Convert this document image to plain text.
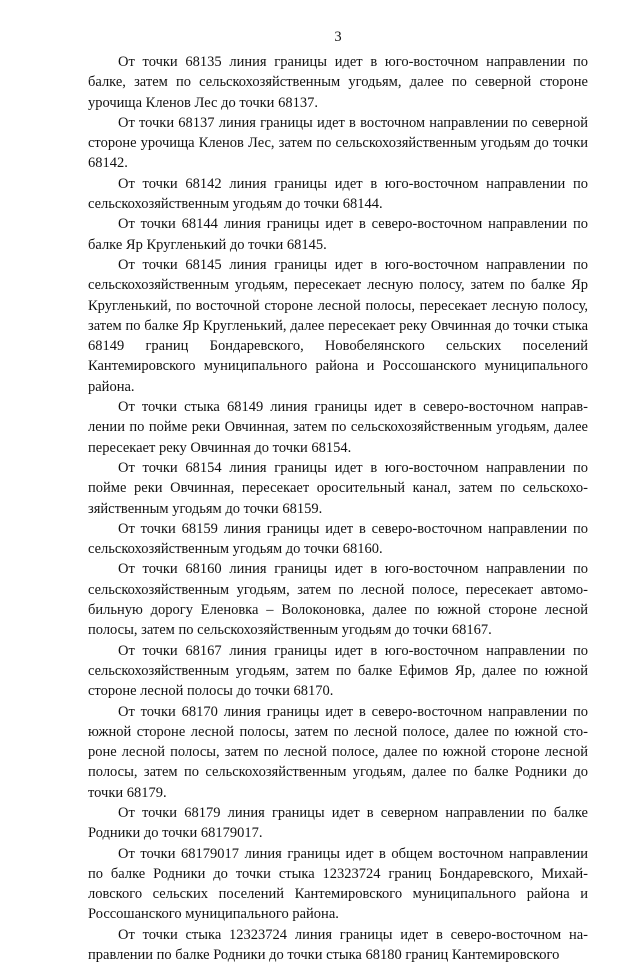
3

От точки 68135 линия границы идет в юго-восточном направлении по балке, затем по сельскохозяйственным угодьям, далее по северной стороне урочища Кленов Лес до точки 68137.

От точки 68137 линия границы идет в восточном направлении по северной стороне урочища Кленов Лес, затем по сельскохозяйственным угодьям до точки 68142.

От точки 68142 линия границы идет в юго-восточном направлении по сельскохозяйственным угодьям до точки 68144.

От точки 68144 линия границы идет в северо-восточном направлении по балке Яр Кругленький до точки 68145.

От точки 68145 линия границы идет в юго-восточном направлении по сельскохозяйственным угодьям, пересекает лесную полосу, затем по балке Яр Кругленький, по восточной стороне лесной полосы, пересекает лесную полосу, затем по балке Яр Кругленький, далее пересекает реку Овчинная до точки стыка 68149 границ Бондаревского, Новобелянского сельских поселений Кантемировского муниципального района и Россошанского муниципального района.

От точки стыка 68149 линия границы идет в северо-восточном направлении по пойме реки Овчинная, затем по сельскохозяйственным угодьям, далее пересекает реку Овчинная до точки 68154.

От точки 68154 линия границы идет в юго-восточном направлении по пойме реки Овчинная, пересекает оросительный канал, затем по сельскохозяйственным угодьям до точки 68159.

От точки 68159 линия границы идет в северо-восточном направлении по сельскохозяйственным угодьям до точки 68160.

От точки 68160 линия границы идет в юго-восточном направлении по сельскохозяйственным угодьям, затем по лесной полосе, пересекает автомобильную дорогу Еленовка – Волоконовка, далее по южной стороне лесной полосы, затем по сельскохозяйственным угодьям до точки 68167.

От точки 68167 линия границы идет в юго-восточном направлении по сельскохозяйственным угодьям, затем по балке Ефимов Яр, далее по южной стороне лесной полосы до точки 68170.

От точки 68170 линия границы идет в северо-восточном направлении по южной стороне лесной полосы, затем по лесной полосе, далее по южной стороне лесной полосы, затем по лесной полосе, далее по южной стороне лесной полосы, затем по сельскохозяйственным угодьям, далее по балке Родники до точки 68179.

От точки 68179 линия границы идет в северном направлении по балке Родники до точки 68179017.

От точки 68179017 линия границы идет в общем восточном направлении по балке Родники до точки стыка 12323724 границ Бондаревского, Михайловского сельских поселений Кантемировского муниципального района и Россошанского муниципального района.

От точки стыка 12323724 линия границы идет в северо-восточном направлении по балке Родники до точки стыка 68180 границ Кантемировского
